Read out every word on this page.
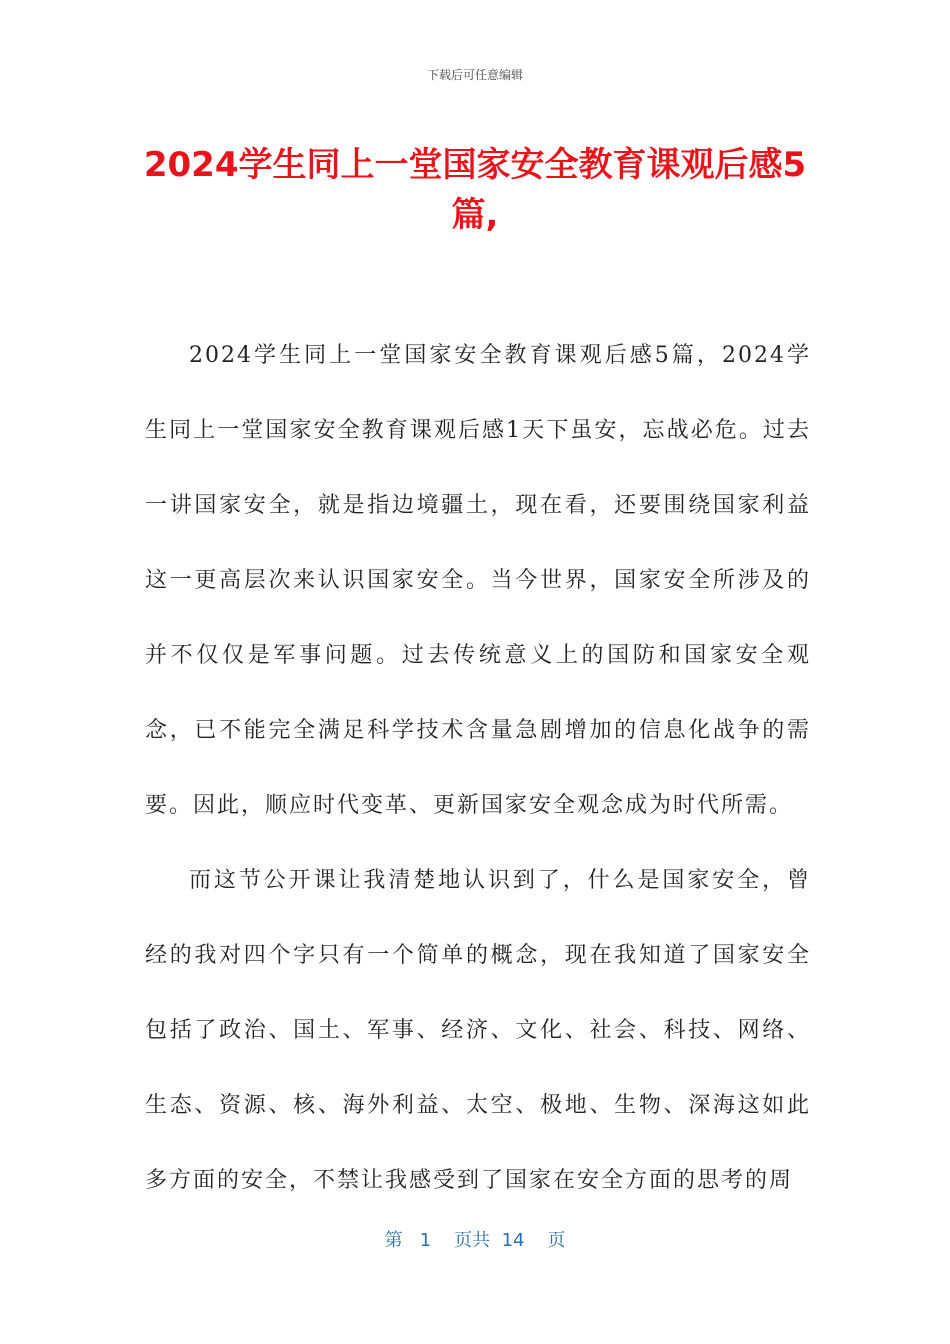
下载后可任意编辑
2024学生同上一堂国家安全教育课观后感5篇,

2024学生同上一堂国家安全教育课观后感5篇，2024学生同上一堂国家安全教育课观后感1天下虽安，忘战必危。过去一讲国家安全，就是指边境疆土，现在看，还要围绕国家利益这一更高层次来认识国家安全。当今世界，国家安全所涉及的并不仅仅是军事问题。过去传统意义上的国防和国家安全观念，已不能完全满足科学技术含量急剧增加的信息化战争的需要。因此，顺应时代变革、更新国家安全观念成为时代所需。

而这节公开课让我清楚地认识到了，什么是国家安全，曾经的我对四个字只有一个简单的概念，现在我知道了国家安全包括了政治、国土、军事、经济、文化、社会、科技、网络、生态、资源、核、海外利益、太空、极地、生物、深海这如此多方面的安全，不禁让我感受到了国家在安全方面的思考的周

第 1 页共 14 页
